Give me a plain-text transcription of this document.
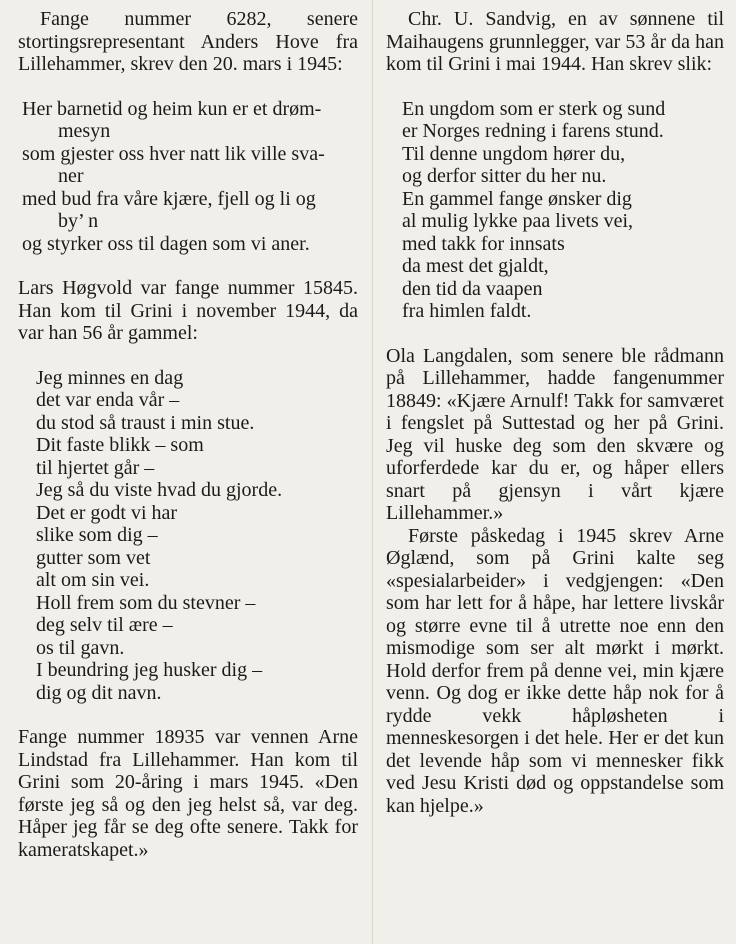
Fange nummer 6282, senere stortingsrepresentant Anders Hove fra Lillehammer, skrev den 20. mars i 1945:

Her barnetid og heim kun er et drøm-
mesyn
som gjester oss hver natt lik ville sva-
ner
med bud fra våre kjære, fjell og li og
by’ n
og styrker oss til dagen som vi aner.

Lars Høgvold var fange nummer 15845. Han kom til Grini i november 1944, da var han 56 år gammel:

Jeg minnes en dag
det var enda vår –
du stod så traust i min stue.
Dit faste blikk – som
til hjertet går –
Jeg så du viste hvad du gjorde.
Det er godt vi har
slike som dig –
gutter som vet
alt om sin vei.
Holl frem som du stevner –
deg selv til ære –
os til gavn.
I beundring jeg husker dig –
dig og dit navn.

Fange nummer 18935 var vennen Arne Lindstad fra Lillehammer. Han kom til Grini som 20-åring i mars 1945. «Den første jeg så og den jeg helst så, var deg. Håper jeg får se deg ofte senere. Takk for kameratskapet.»

Chr. U. Sandvig, en av sønnene til Maihaugens grunnlegger, var 53 år da han kom til Grini i mai 1944. Han skrev slik:

En ungdom som er sterk og sund
er Norges redning i farens stund.
Til denne ungdom hører du,
og derfor sitter du her nu.
En gammel fange ønsker dig
al mulig lykke paa livets vei,
med takk for innsats
da mest det gjaldt,
den tid da vaapen
fra himlen faldt.

Ola Langdalen, som senere ble rådmann på Lillehammer, hadde fangenummer 18849: «Kjære Arnulf! Takk for samværet i fengslet på Suttestad og her på Grini. Jeg vil huske deg som den skvære og uforferdede kar du er, og håper ellers snart på gjensyn i vårt kjære Lillehammer.»

Første påskedag i 1945 skrev Arne Øglænd, som på Grini kalte seg «spesialarbeider» i vedgjengen: «Den som har lett for å håpe, har lettere livskår og større evne til å utrette noe enn den mismodige som ser alt mørkt i mørkt. Hold derfor frem på denne vei, min kjære venn. Og dog er ikke dette håp nok for å rydde vekk håpløsheten i menneskesorgen i det hele. Her er det kun det levende håp som vi mennesker fikk ved Jesu Kristi død og oppstandelse som kan hjelpe.»
